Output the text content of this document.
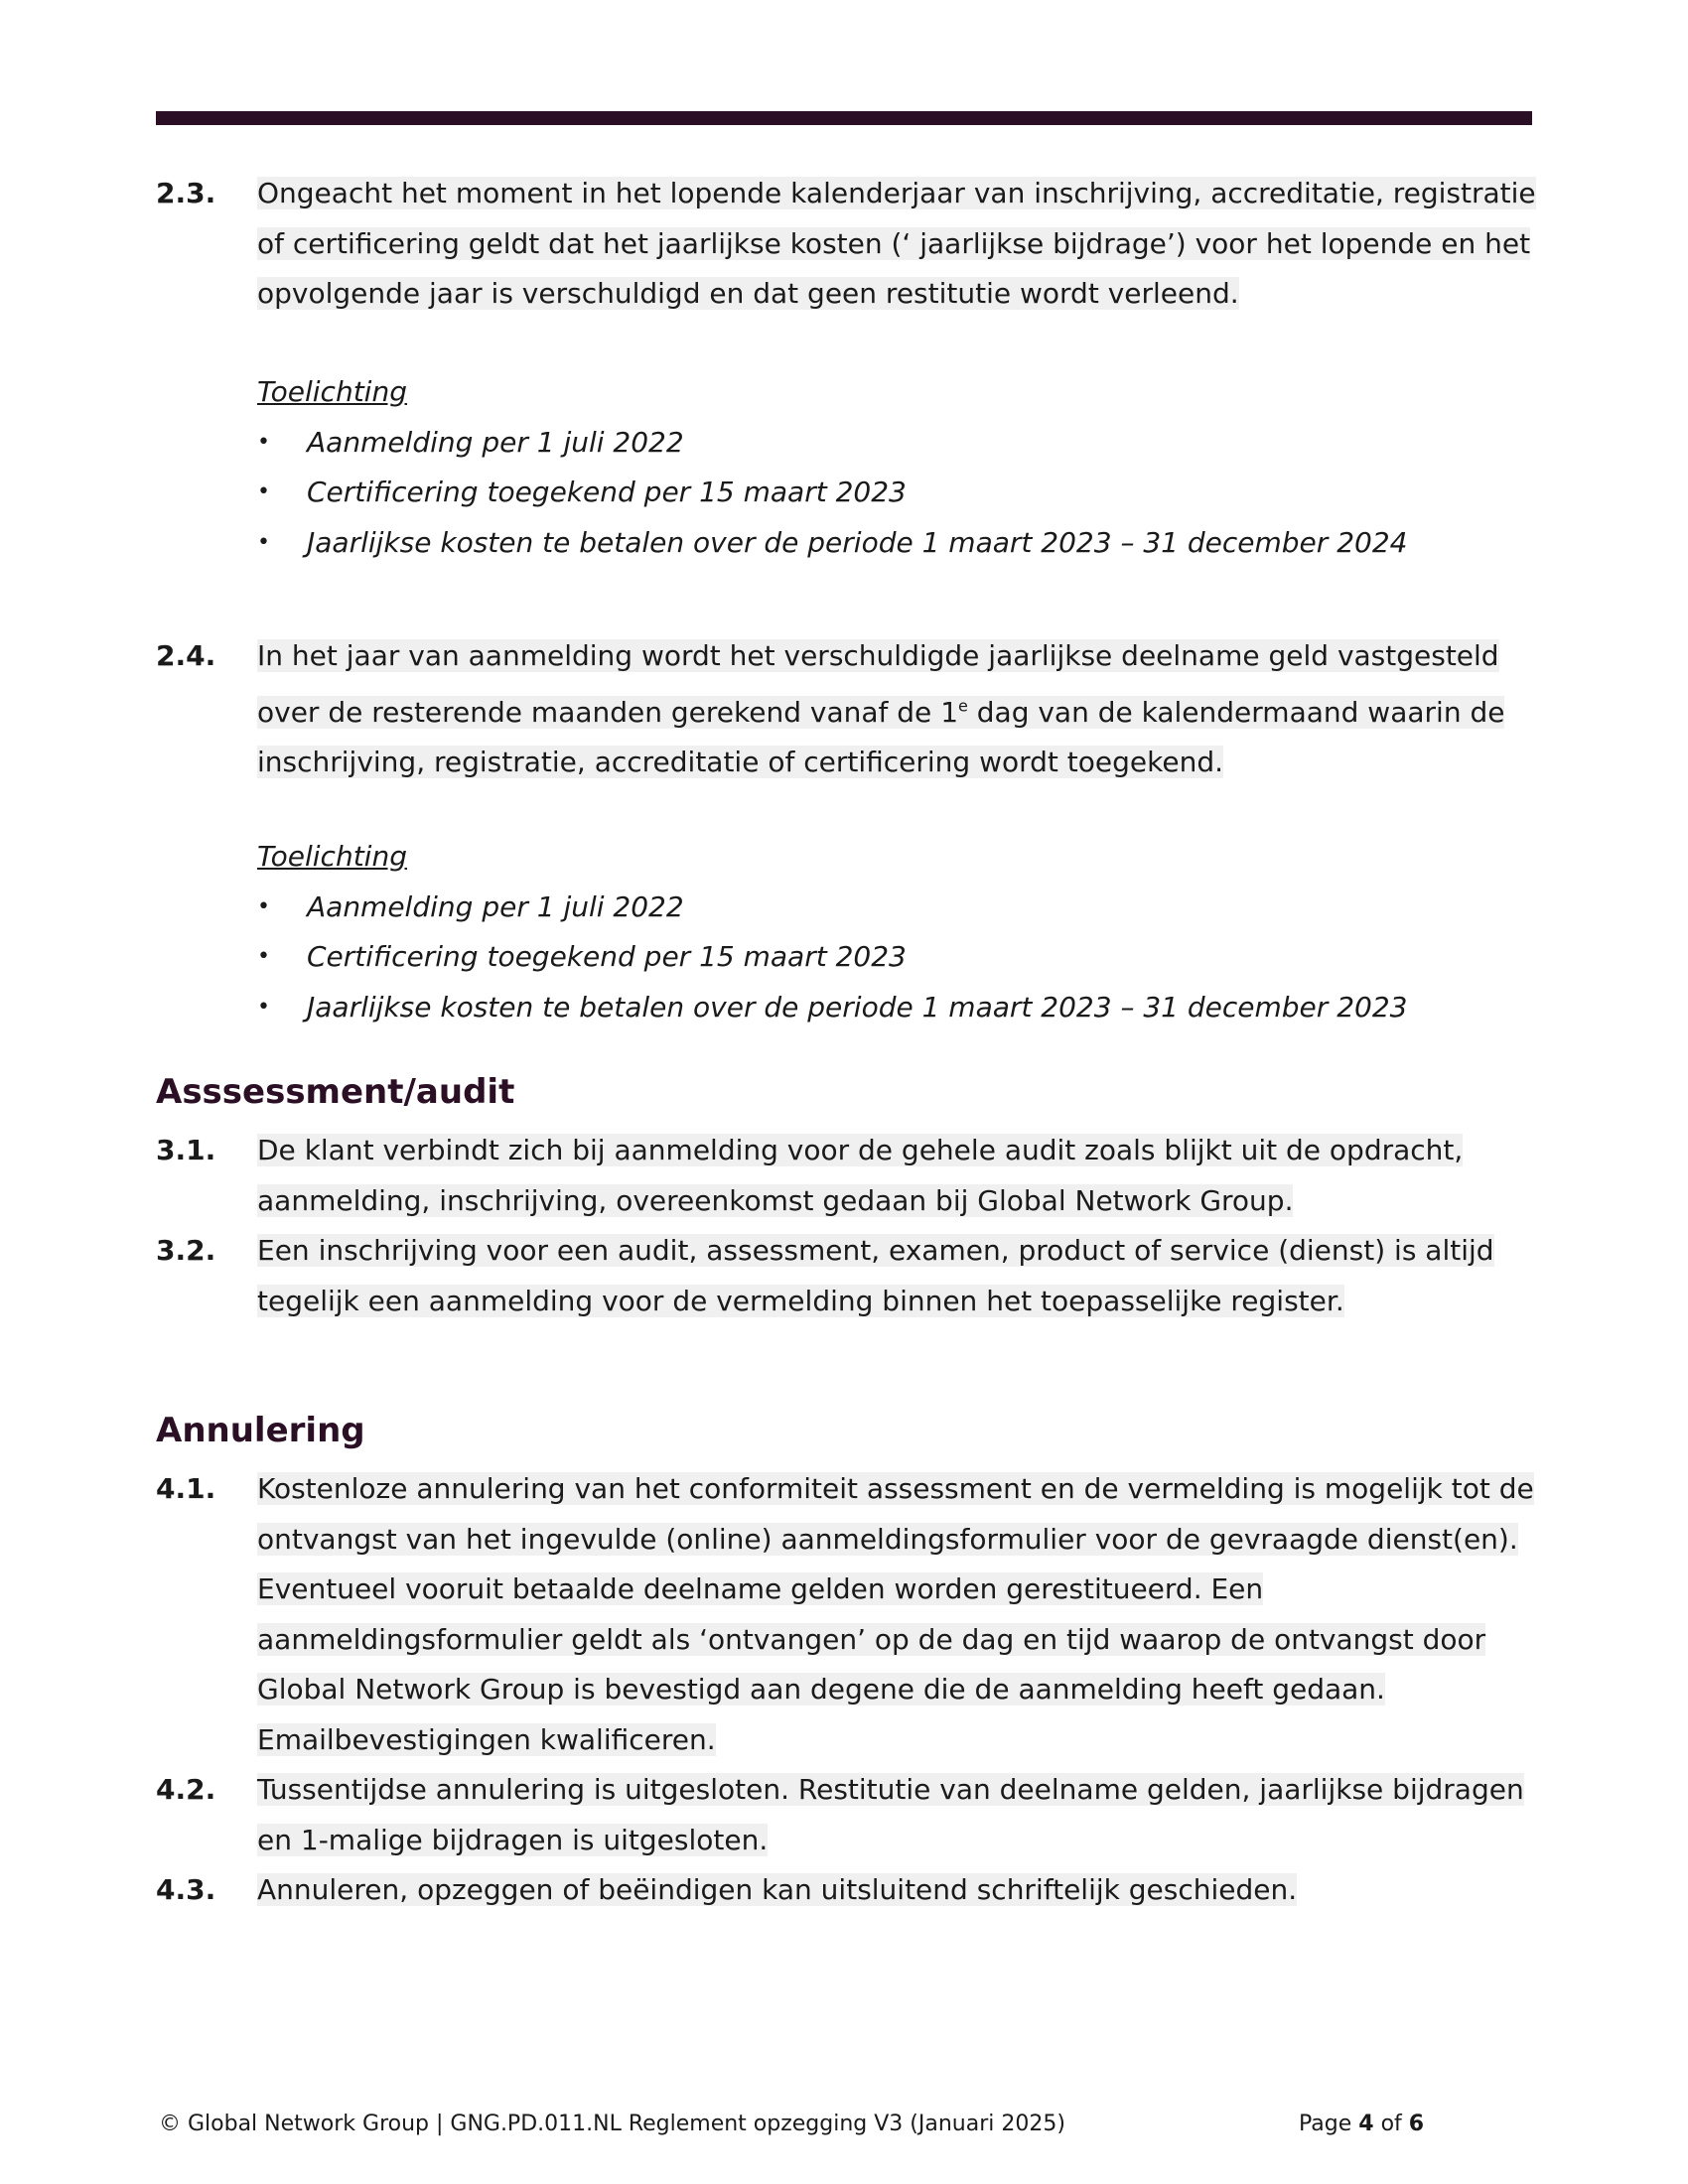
2.3. Ongeacht het moment in het lopende kalenderjaar van inschrijving, accreditatie, registratie of certificering geldt dat het jaarlijkse kosten (‘ jaarlijkse bijdrage’) voor het lopende en het opvolgende jaar is verschuldigd en dat geen restitutie wordt verleend.
Toelichting
• Aanmelding per 1 juli 2022
• Certificering toegekend per 15 maart 2023
• Jaarlijkse kosten te betalen over de periode 1 maart 2023 – 31 december 2024
2.4. In het jaar van aanmelding wordt het verschuldigde jaarlijkse deelname geld vastgesteld over de resterende maanden gerekend vanaf de 1e dag van de kalendermaand waarin de inschrijving, registratie, accreditatie of certificering wordt toegekend.
Toelichting
• Aanmelding per 1 juli 2022
• Certificering toegekend per 15 maart 2023
• Jaarlijkse kosten te betalen over de periode 1 maart 2023 – 31 december 2023
Asssessment/audit
3.1. De klant verbindt zich bij aanmelding voor de gehele audit zoals blijkt uit de opdracht, aanmelding, inschrijving, overeenkomst gedaan bij Global Network Group.
3.2. Een inschrijving voor een audit, assessment, examen, product of service (dienst) is altijd tegelijk een aanmelding voor de vermelding binnen het toepasselijke register.
Annulering
4.1. Kostenloze annulering van het conformiteit assessment en de vermelding is mogelijk tot de ontvangst van het ingevulde (online) aanmeldingsformulier voor de gevraagde dienst(en). Eventueel vooruit betaalde deelname gelden worden gerestitueerd. Een aanmeldingsformulier geldt als ‘ontvangen’ op de dag en tijd waarop de ontvangst door Global Network Group is bevestigd aan degene die de aanmelding heeft gedaan. Emailbevestigingen kwalificeren.
4.2. Tussentijdse annulering is uitgesloten. Restitutie van deelname gelden, jaarlijkse bijdragen en 1-malige bijdragen is uitgesloten.
4.3. Annuleren, opzeggen of beëindigen kan uitsluitend schriftelijk geschieden.
© Global Network Group | GNG.PD.011.NL Reglement opzegging V3 (Januari 2025)	Page 4 of 6
